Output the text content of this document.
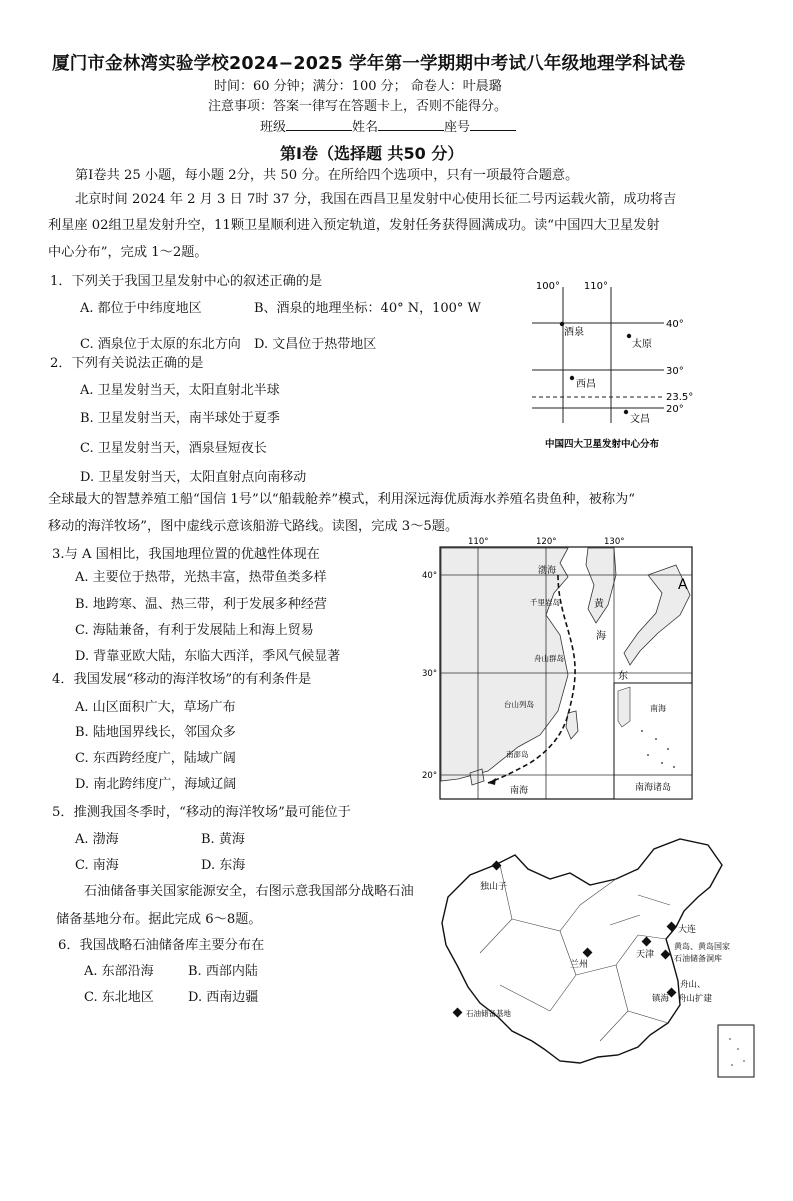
厦门市金林湾实验学校2024−2025 学年第一学期期中考试八年级地理学科试卷
时间：60 分钟；满分：100 分； 命卷人：叶晨璐
注意事项：答案一律写在答题卡上，否则不能得分。
班级	姓名	座号
第Ⅰ卷（选择题 共50 分）
第Ⅰ卷共 25 小题，每小题 2分，共 50 分。在所给四个选项中，只有一项最符合题意。
北京时间 2024 年 2 月 3 日 7时 37 分，我国在西昌卫星发射中心使用长征二号丙运载火箭，成功将吉
利星座 02组卫星发射升空，11颗卫星顺利进入预定轨道，发射任务获得圆满成功。读“中国四大卫星发射
中心分布”，完成 1～2题。
1．下列关于我国卫星发射中心的叙述正确的是
A. 都位于中纬度地区	B、酒泉的地理坐标：40° N，100° W
C. 酒泉位于太原的东北方向 D. 文昌位于热带地区
2．下列有关说法正确的是
A. 卫星发射当天，太阳直射北半球
B. 卫星发射当天，南半球处于夏季
C. 卫星发射当天，酒泉昼短夜长
D. 卫星发射当天，太阳直射点向南移动
100° 110°
40°
30°
23.5°
20°
酒泉
太原
西昌
文昌
中国四大卫星发射中心分布
全球最大的智慧养殖工船“国信 1号”以“船载舱养”模式，利用深远海优质海水养殖名贵鱼种，被称为“
移动的海洋牧场”，图中虚线示意该船游弋路线。读图，完成 3～5题。
3.与 A 国相比，我国地理位置的优越性体现在
A. 主要位于热带，光热丰富，热带鱼类多样
B. 地跨寒、温、热三带，利于发展多种经营
C. 海陆兼备，有利于发展陆上和海上贸易
D. 背靠亚欧大陆，东临大西洋，季风气候显著
4．我国发展“移动的海洋牧场”的有利条件是
A. 山区面积广大，草场广布
B. 陆地国界线长，邻国众多
C. 东西跨经度广，陆域广阔
D. 南北跨纬度广，海域辽阔
110°	120°	130°
40°
30°
20°
渤海
千里岩岛	黄
海
舟山群岛
东
台山列岛
南澎岛
南海
A
南海
南海诸岛
5．推测我国冬季时，“移动的海洋牧场”最可能位于
A. 渤海	B. 黄海
C. 南海	D. 东海
石油储备事关国家能源安全，右图示意我国部分战略石油
储备基地分布。据此完成 6～8题。
6．我国战略石油储备库主要分布在
A. 东部沿海	B. 西部内陆
C. 东北地区	D. 西南边疆
独山子
兰州
天津
大连
黄岛、黄岛国家
石油储备洞库
舟山、
镇海 舟山扩建
石油储备基地
